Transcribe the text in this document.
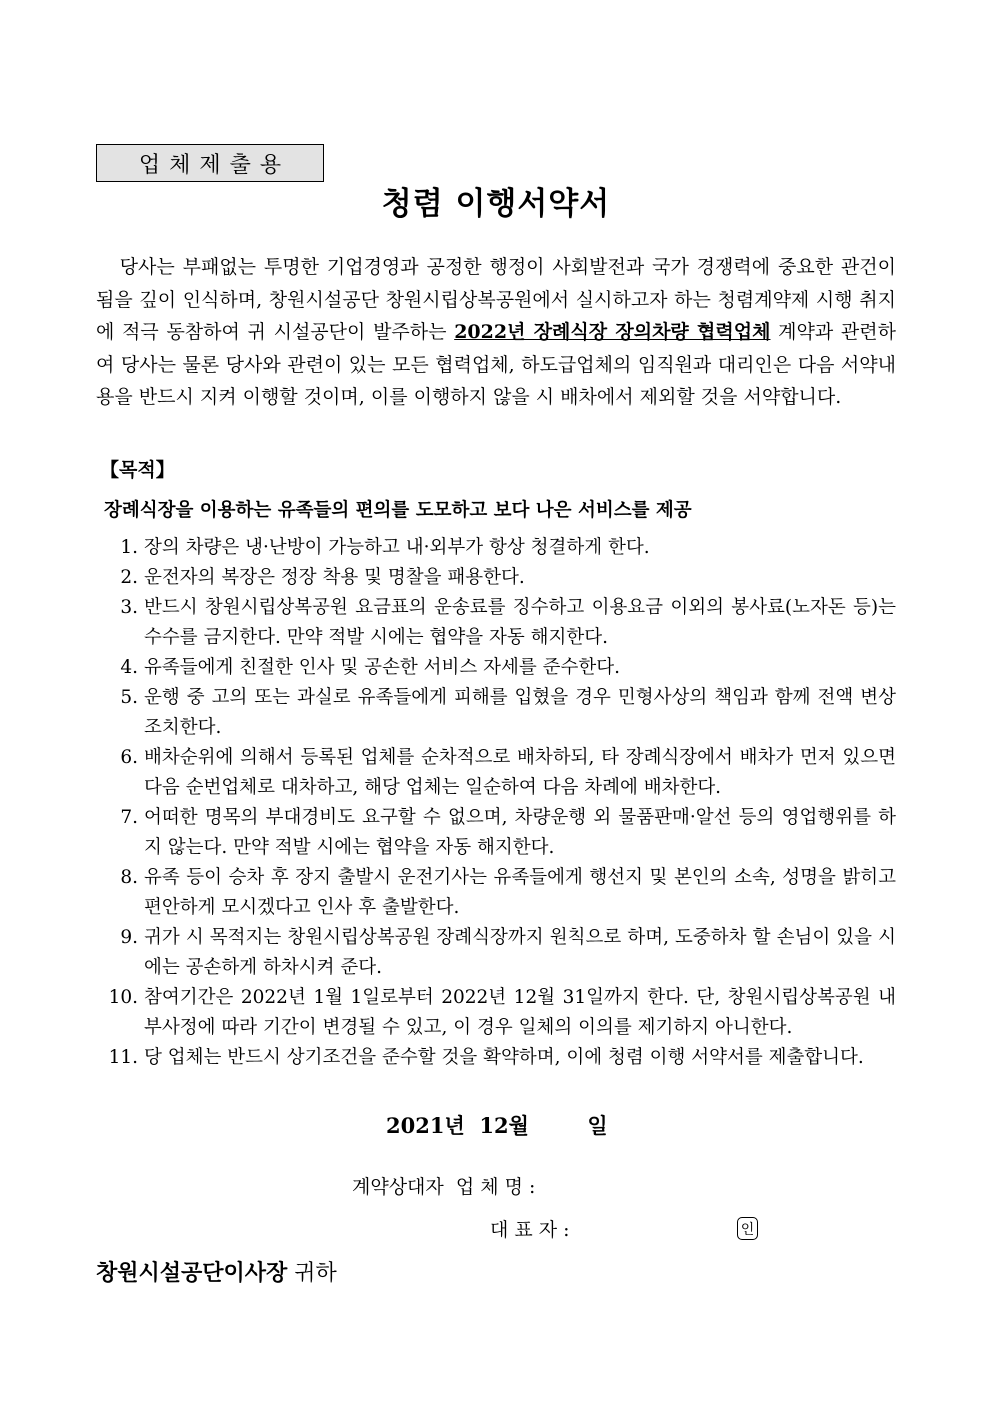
업체제출용
청렴 이행서약서
당사는 부패없는 투명한 기업경영과 공정한 행정이 사회발전과 국가 경쟁력에 중요한 관건이 됨을 깊이 인식하며, 창원시설공단 창원시립상복공원에서 실시하고자 하는 청렴계약제 시행 취지에 적극 동참하여 귀 시설공단이 발주하는 2022년 장례식장 장의차량 협력업체 계약과 관련하여 당사는 물론 당사와 관련이 있는 모든 협력업체, 하도급업체의 임직원과 대리인은 다음 서약내용을 반드시 지켜 이행할 것이며, 이를 이행하지 않을 시 배차에서 제외할 것을 서약합니다.
【목적】
장례식장을 이용하는 유족들의 편의를 도모하고 보다 나은 서비스를 제공
1. 장의 차량은 냉·난방이 가능하고 내·외부가 항상 청결하게 한다.
2. 운전자의 복장은 정장 착용 및 명찰을 패용한다.
3. 반드시 창원시립상복공원 요금표의 운송료를 징수하고 이용요금 이외의 봉사료(노자돈 등)는 수수를 금지한다. 만약 적발 시에는 협약을 자동 해지한다.
4. 유족들에게 친절한 인사 및 공손한 서비스 자세를 준수한다.
5. 운행 중 고의 또는 과실로 유족들에게 피해를 입혔을 경우 민형사상의 책임과 함께 전액 변상 조치한다.
6. 배차순위에 의해서 등록된 업체를 순차적으로 배차하되, 타 장례식장에서 배차가 먼저 있으면 다음 순번업체로 대차하고, 해당 업체는 일순하여 다음 차례에 배차한다.
7. 어떠한 명목의 부대경비도 요구할 수 없으며, 차량운행 외 물품판매·알선 등의 영업행위를 하지 않는다. 만약 적발 시에는 협약을 자동 해지한다.
8. 유족 등이 승차 후 장지 출발시 운전기사는 유족들에게 행선지 및 본인의 소속, 성명을 밝히고 편안하게 모시겠다고 인사 후 출발한다.
9. 귀가 시 목적지는 창원시립상복공원 장례식장까지 원칙으로 하며, 도중하차 할 손님이 있을 시에는 공손하게 하차시켜 준다.
10. 참여기간은 2022년 1월 1일로부터 2022년 12월 31일까지 한다. 단, 창원시립상복공원 내부사정에 따라 기간이 변경될 수 있고, 이 경우 일체의 이의를 제기하지 아니한다.
11. 당 업체는 반드시 상기조건을 준수할 것을 확약하며, 이에 청렴 이행 서약서를 제출합니다.
2021년  12월        일
계약상대자  업 체 명 :
대 표 자 :	인
창원시설공단이사장 귀하
